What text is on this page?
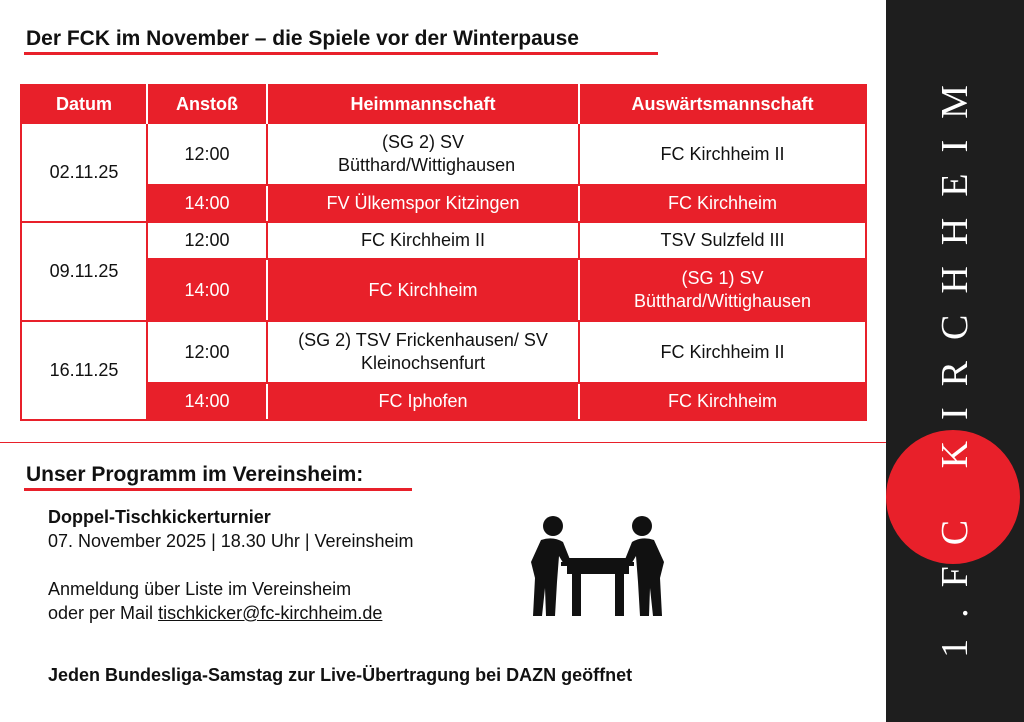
Der FCK im November – die Spiele vor der Winterpause
Datum	Anstoß	Heimmannschaft	Auswärtsmannschaft
02.11.25	12:00	(SG 2) SV Bütthard/Wittighausen	FC Kirchheim II
	14:00	FV Ülkemspor Kitzingen	FC Kirchheim
09.11.25	12:00	FC Kirchheim II	TSV Sulzfeld III
	14:00	FC Kirchheim	(SG 1) SV Bütthard/Wittighausen
16.11.25	12:00	(SG 2) TSV Frickenhausen/ SV Kleinochsenfurt	FC Kirchheim II
	14:00	FC Iphofen	FC Kirchheim
Unser Programm im Vereinsheim:
Doppel-Tischkickerturnier
07. November 2025 | 18.30 Uhr | Vereinsheim
Anmeldung über Liste im Vereinsheim
oder per Mail tischkicker@fc-kirchheim.de
Jeden Bundesliga-Samstag zur Live-Übertragung bei DAZN geöffnet
1.FC KIRCHHEIM
